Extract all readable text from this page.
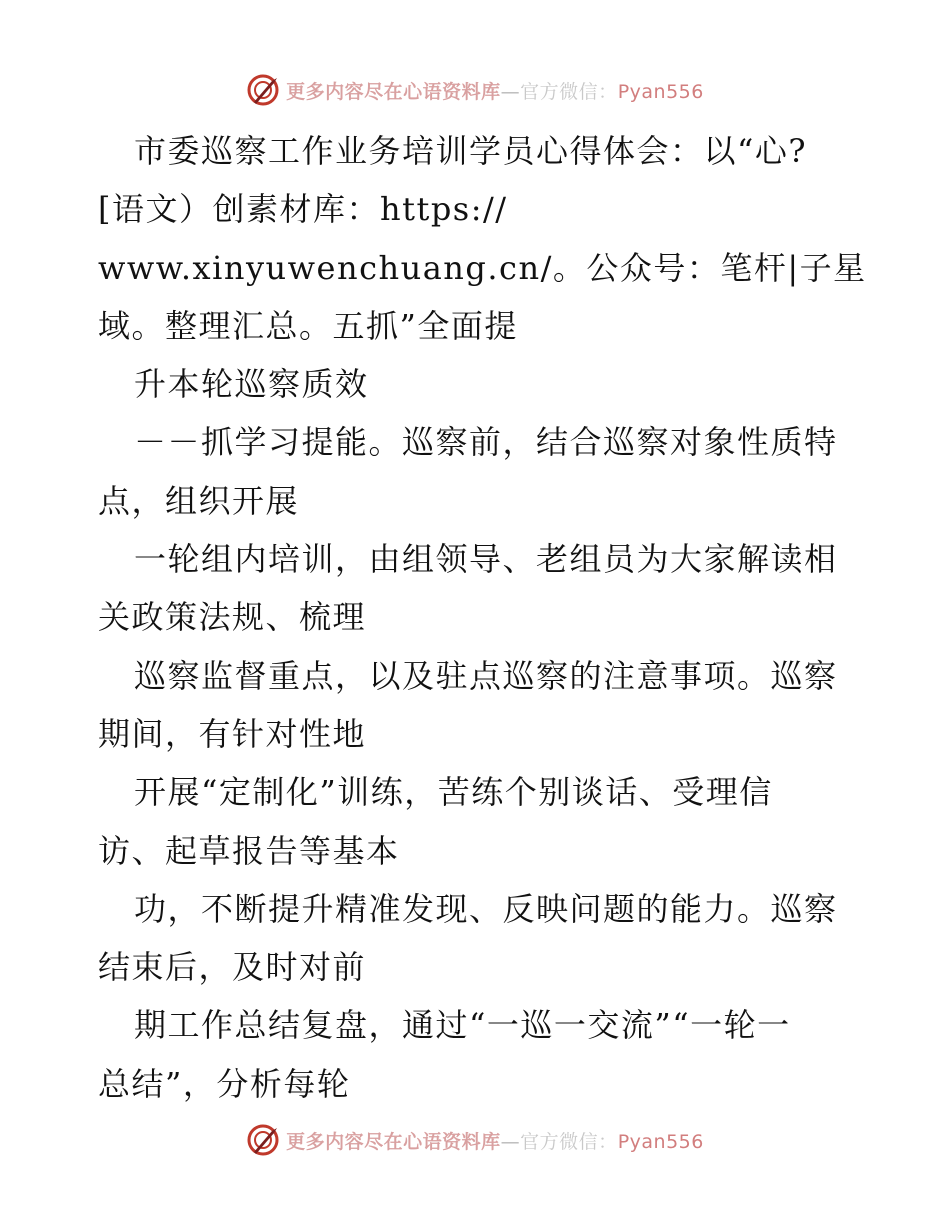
更多内容尽在心语资料库—官方微信：Pyan556
市委巡察工作业务培训学员心得体会：以“心?
[语文）创素材库：https://
www.xinyuwenchuang.cn/。公众号：笔杆|子星
域。整理汇总。五抓”全面提
升本轮巡察质效
－－抓学习提能。巡察前，结合巡察对象性质特
点，组织开展
一轮组内培训，由组领导、老组员为大家解读相
关政策法规、梳理
巡察监督重点，以及驻点巡察的注意事项。巡察
期间，有针对性地
开展“定制化”训练，苦练个别谈话、受理信
访、起草报告等基本
功，不断提升精准发现、反映问题的能力。巡察
结束后，及时对前
期工作总结复盘，通过“一巡一交流”“一轮一
总结”，分析每轮
更多内容尽在心语资料库—官方微信：Pyan556
